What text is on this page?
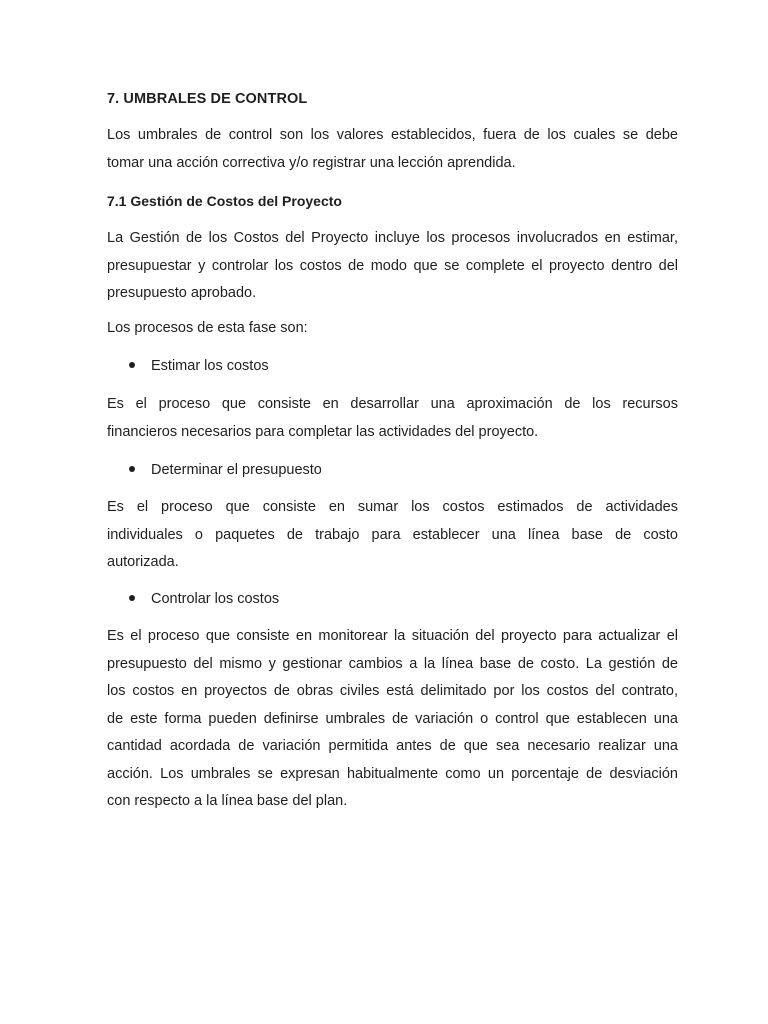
7. UMBRALES DE CONTROL

Los umbrales de control son los valores establecidos, fuera de los cuales se debe
tomar una acción correctiva y/o registrar una lección aprendida.

7.1 Gestión de Costos del Proyecto

La Gestión de los Costos del Proyecto incluye los procesos involucrados en estimar,
presupuestar y controlar los costos de modo que se complete el proyecto dentro del
presupuesto aprobado.

Los procesos de esta fase son:

Estimar los costos

Es el proceso que consiste en desarrollar una aproximación de los recursos
financieros necesarios para completar las actividades del proyecto.

Determinar el presupuesto

Es el proceso que consiste en sumar los costos estimados de actividades
individuales o paquetes de trabajo para establecer una línea base de costo
autorizada.

Controlar los costos

Es el proceso que consiste en monitorear la situación del proyecto para actualizar el
presupuesto del mismo y gestionar cambios a la línea base de costo. La gestión de
los costos en proyectos de obras civiles está delimitado por los costos del contrato,
de este forma pueden definirse umbrales de variación o control que establecen una
cantidad acordada de variación permitida antes de que sea necesario realizar una
acción. Los umbrales se expresan habitualmente como un porcentaje de desviación
con respecto a la línea base del plan.
